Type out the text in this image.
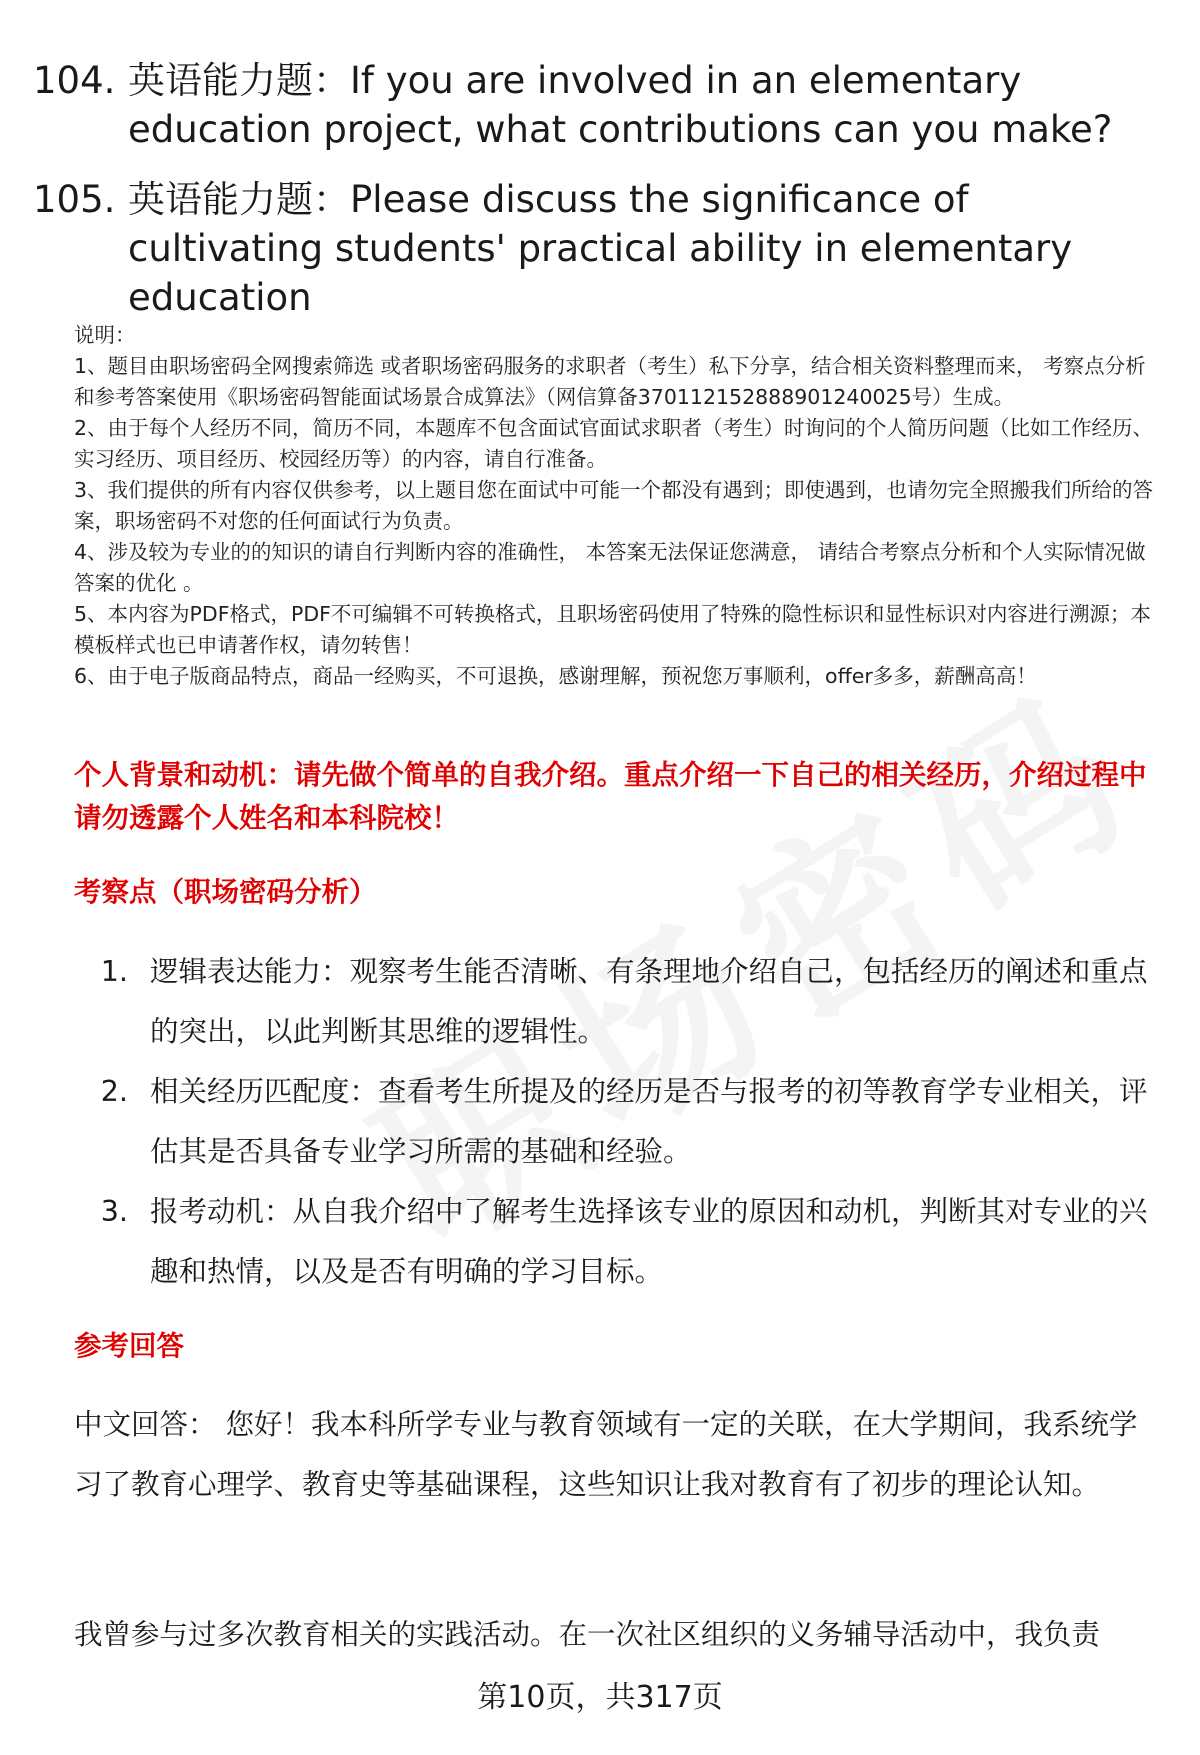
104. 英语能力题：If you are involved in an elementary education project, what contributions can you make?
105. 英语能力题：Please discuss the significance of cultivating students' practical ability in elementary education
说明：
1、题目由职场密码全网搜索筛选 或者职场密码服务的求职者（考生）私下分享，结合相关资料整理而来， 考察点分析和参考答案使用《职场密码智能面试场景合成算法》（网信算备370112152888901240025号）生成。
2、由于每个人经历不同，简历不同，本题库不包含面试官面试求职者（考生）时询问的个人简历问题（比如工作经历、实习经历、项目经历、校园经历等）的内容，请自行准备。
3、我们提供的所有内容仅供参考，以上题目您在面试中可能一个都没有遇到；即使遇到，也请勿完全照搬我们所给的答案，职场密码不对您的任何面试行为负责。
4、涉及较为专业的的知识的请自行判断内容的准确性， 本答案无法保证您满意， 请结合考察点分析和个人实际情况做答案的优化 。
5、本内容为PDF格式，PDF不可编辑不可转换格式，且职场密码使用了特殊的隐性标识和显性标识对内容进行溯源；本模板样式也已申请著作权，请勿转售！
6、由于电子版商品特点，商品一经购买，不可退换，感谢理解，预祝您万事顺利，offer多多，薪酬高高！
个人背景和动机：请先做个简单的自我介绍。重点介绍一下自己的相关经历，介绍过程中请勿透露个人姓名和本科院校！
考察点（职场密码分析）
1. 逻辑表达能力：观察考生能否清晰、有条理地介绍自己，包括经历的阐述和重点的突出，以此判断其思维的逻辑性。
2. 相关经历匹配度：查看考生所提及的经历是否与报考的初等教育学专业相关，评估其是否具备专业学习所需的基础和经验。
3. 报考动机：从自我介绍中了解考生选择该专业的原因和动机，判断其对专业的兴趣和热情，以及是否有明确的学习目标。
参考回答
中文回答： 您好！我本科所学专业与教育领域有一定的关联，在大学期间，我系统学习了教育心理学、教育史等基础课程，这些知识让我对教育有了初步的理论认知。
我曾参与过多次教育相关的实践活动。在一次社区组织的义务辅导活动中，我负责
第10页，共317页
